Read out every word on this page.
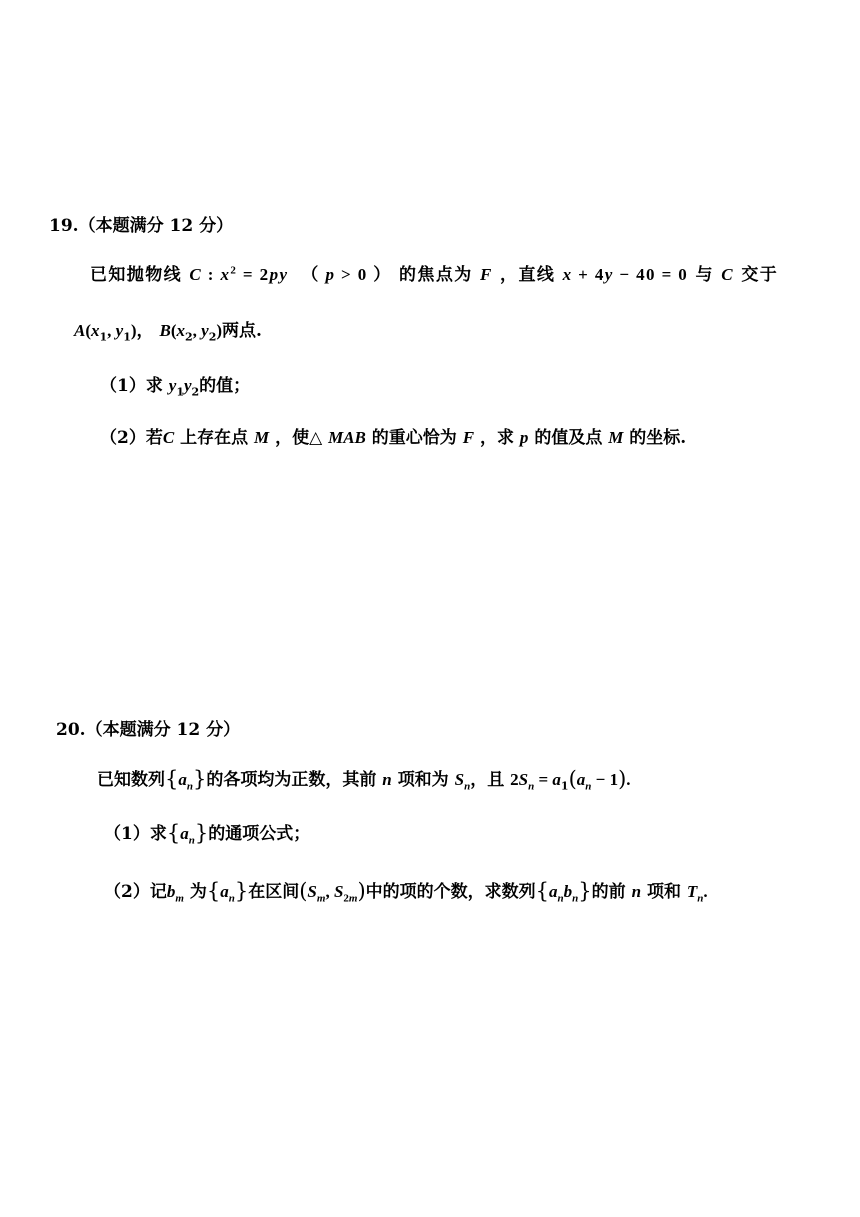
19.（本题满分 12 分）
已知抛物线 C : $x^2 = 2py$  （ p > 0 ） 的焦点为 F ，直线 x + 4y − 40 = 0 与 C 交于
$A(x_1$, $y_1$)， $B(x_2$, $y_2$)两点.
（1）求 $y_1y_2$的值；
（2）若C 上存在点 M ，使△ MAB 的重心恰为 F ，求 p 的值及点 M 的坐标.
20.（本题满分 12 分）
已知数列$\{a_n\}$的各项均为正数，其前 n 项和为 $S_n$，且 $2S_n = a_1(a_n - 1)$.
（1）求$\{a_n\}$的通项公式；
（2）记$b_m$ 为$\{a_n\}$在区间($S_m$, $S_{2m}$)中的项的个数，求数列$\{a_nb_n\}$的前 n 项和 $T_n$.
